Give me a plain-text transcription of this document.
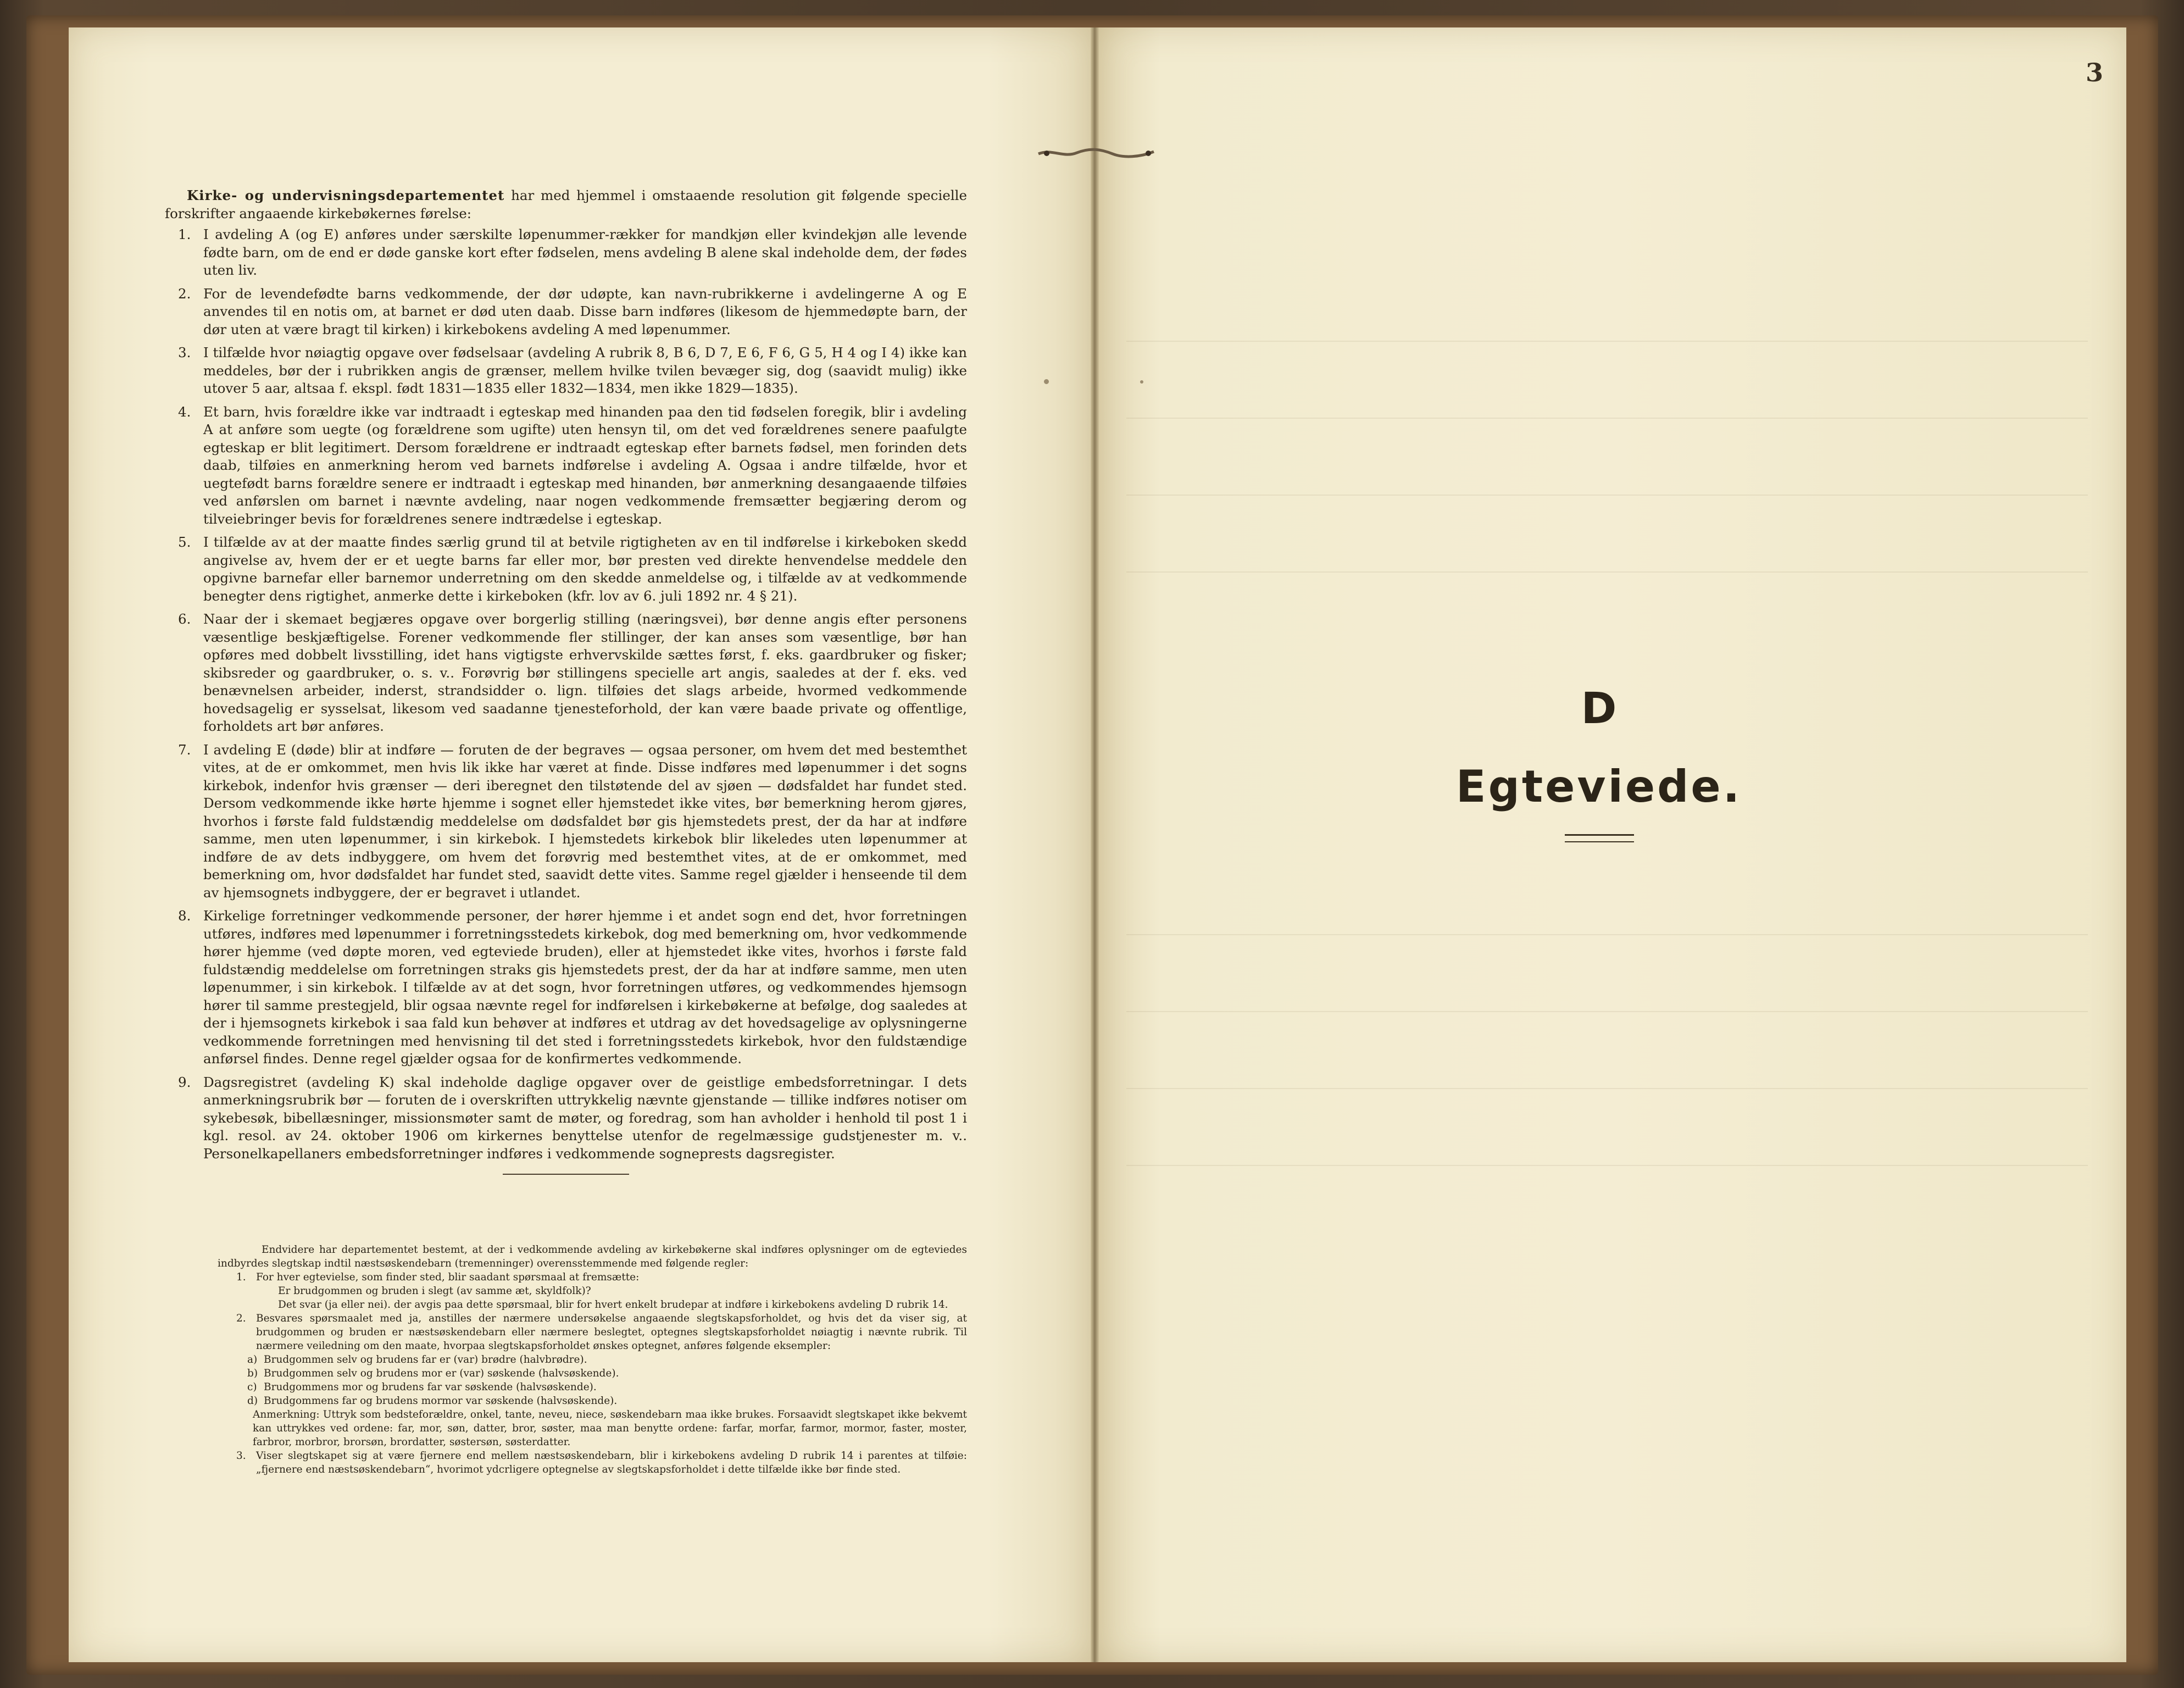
3
D
Egteviede.

Kirke- og undervisningsdepartementet har med hjemmel i omstaaende resolution git følgende specielle forskrifter angaaende kirkebøkernes førelse:

1. I avdeling A (og E) anføres under særskilte løpenummer-rækker for mandkjøn eller kvindekjøn alle levende fødte barn, om de end er døde ganske kort efter fødselen, mens avdeling B alene skal indeholde dem, der fødes uten liv.
2. For de levendefødte barns vedkommende, der dør udøpte, kan navn-rubrikkerne i avdelingerne A og E anvendes til en notis om, at barnet er død uten daab. Disse barn indføres (likesom de hjemmedøpte barn, der dør uten at være bragt til kirken) i kirkebokens avdeling A med løpenummer.
3. I tilfælde hvor nøiagtig opgave over fødselsaar (avdeling A rubrik 8, B 6, D 7, E 6, F 6, G 5, H 4 og I 4) ikke kan meddeles, bør der i rubrikken angis de grænser, mellem hvilke tvilen bevæger sig, dog (saavidt mulig) ikke utover 5 aar, altsaa f. ekspl. født 1831—1835 eller 1832—1834, men ikke 1829—1835).
4. Et barn, hvis forældre ikke var indtraadt i egteskap med hinanden paa den tid fødselen foregik, blir i avdeling A at anføre som uegte (og forældrene som ugifte) uten hensyn til, om det ved forældrenes senere paafulgte egteskap er blit legitimert. Dersom forældrene er indtraadt egteskap efter barnets fødsel, men forinden dets daab, tilføies en anmerkning herom ved barnets indførelse i avdeling A. Ogsaa i andre tilfælde, hvor et uegtefødt barns forældre senere er indtraadt i egteskap med hinanden, bør anmerkning desangaaende tilføies ved anførslen om barnet i nævnte avdeling, naar nogen vedkommende fremsætter begjæring derom og tilveiebringer bevis for forældrenes senere indtrædelse i egteskap.
5. I tilfælde av at der maatte findes særlig grund til at betvile rigtigheten av en til indførelse i kirkeboken skedd angivelse av, hvem der er et uegte barns far eller mor, bør presten ved direkte henvendelse meddele den opgivne barnefar eller barnemor underretning om den skedde anmeldelse og, i tilfælde av at vedkommende benegter dens rigtighet, anmerke dette i kirkeboken (kfr. lov av 6. juli 1892 nr. 4 § 21).
6. Naar der i skemaet begjæres opgave over borgerlig stilling (næringsvei), bør denne angis efter personens væsentlige beskjæftigelse. Forener vedkommende fler stillinger, der kan anses som væsentlige, bør han opføres med dobbelt livsstilling, idet hans vigtigste erhvervskilde sættes først, f. eks. gaardbruker og fisker; skibsreder og gaardbruker, o. s. v.. Forøvrig bør stillingens specielle art angis, saaledes at der f. eks. ved benævnelsen arbeider, inderst, strandsidder o. lign. tilføies det slags arbeide, hvormed vedkommende hovedsagelig er sysselsat, likesom ved saadanne tjenesteforhold, der kan være baade private og offentlige, forholdets art bør anføres.
7. I avdeling E (døde) blir at indføre — foruten de der begraves — ogsaa personer, om hvem det med bestemthet vites, at de er omkommet, men hvis lik ikke har været at finde. Disse indføres med løpenummer i det sogns kirkebok, indenfor hvis grænser — deri iberegnet den tilstøtende del av sjøen — dødsfaldet har fundet sted. Dersom vedkommende ikke hørte hjemme i sognet eller hjemstedet ikke vites, bør bemerkning herom gjøres, hvorhos i første fald fuldstændig meddelelse om dødsfaldet bør gis hjemstedets prest, der da har at indføre samme, men uten løpenummer, i sin kirkebok. I hjemstedets kirkebok blir likeledes uten løpenummer at indføre de av dets indbyggere, om hvem det forøvrig med bestemthet vites, at de er omkommet, med bemerkning om, hvor dødsfaldet har fundet sted, saavidt dette vites. Samme regel gjælder i henseende til dem av hjemsognets indbyggere, der er begravet i utlandet.
8. Kirkelige forretninger vedkommende personer, der hører hjemme i et andet sogn end det, hvor forretningen utføres, indføres med løpenummer i forretningsstedets kirkebok, dog med bemerkning om, hvor vedkommende hører hjemme (ved døpte moren, ved egteviede bruden), eller at hjemstedet ikke vites, hvorhos i første fald fuldstændig meddelelse om forretningen straks gis hjemstedets prest, der da har at indføre samme, men uten løpenummer, i sin kirkebok. I tilfælde av at det sogn, hvor forretningen utføres, og vedkommendes hjemsogn hører til samme prestegjeld, blir ogsaa nævnte regel for indførelsen i kirkebøkerne at befølge, dog saaledes at der i hjemsognets kirkebok i saa fald kun behøver at indføres et utdrag av det hovedsagelige av oplysningerne vedkommende forretningen med henvisning til det sted i forretningsstedets kirkebok, hvor den fuldstændige anførsel findes. Denne regel gjælder ogsaa for de konfirmertes vedkommende.
9. Dagsregistret (avdeling K) skal indeholde daglige opgaver over de geistlige embedsforretningar. I dets anmerkningsrubrik bør — foruten de i overskriften uttrykkelig nævnte gjenstande — tillike indføres notiser om sykebesøk, bibellæsninger, missionsmøter samt de møter, og foredrag, som han avholder i henhold til post 1 i kgl. resol. av 24. oktober 1906 om kirkernes benyttelse utenfor de regelmæssige gudstjenester m. v.. Personelkapellaners embedsforretninger indføres i vedkommende sogneprests dagsregister.

Endvidere har departementet bestemt, at der i vedkommende avdeling av kirkebøkerne skal indføres oplysninger om de egteviedes indbyrdes slegtskap indtil næstsøskendebarn (tremenninger) overensstemmende med følgende regler:

1. For hver egtevielse, som finder sted, blir saadant spørsmaal at fremsætte:
Er brudgommen og bruden i slegt (av samme æt, skyldfolk)?
Det svar (ja eller nei). der avgis paa dette spørsmaal, blir for hvert enkelt brudepar at indføre i kirkebokens avdeling D rubrik 14.
2. Besvares spørsmaalet med ja, anstilles der nærmere undersøkelse angaaende slegtskapsforholdet, og hvis det da viser sig, at brudgommen og bruden er næstsøskendebarn eller nærmere beslegtet, optegnes slegtskapsforholdet nøiagtig i nævnte rubrik. Til nærmere veiledning om den maate, hvorpaa slegtskapsforholdet ønskes optegnet, anføres følgende eksempler:
a) Brudgommen selv og brudens far er (var) brødre (halvbrødre).
b) Brudgommen selv og brudens mor er (var) søskende (halvsøskende).
c) Brudgommens mor og brudens far var søskende (halvsøskende).
d) Brudgommens far og brudens mormor var søskende (halvsøskende).

Anmerkning: Uttryk som bedsteforældre, onkel, tante, neveu, niece, søskendebarn maa ikke brukes. Forsaavidt slegtskapet ikke bekvemt kan uttrykkes ved ordene: far, mor, søn, datter, bror, søster, maa man benytte ordene: farfar, morfar, farmor, mormor, faster, moster, farbror, morbror, brorsøn, brordatter, søstersøn, søsterdatter.

3. Viser slegtskapet sig at være fjernere end mellem næstsøskendebarn, blir i kirkebokens avdeling D rubrik 14 i parentes at tilføie: „fjernere end næstsøskendebarn“, hvorimot ydcrligere optegnelse av slegtskapsforholdet i dette tilfælde ikke bør finde sted.
